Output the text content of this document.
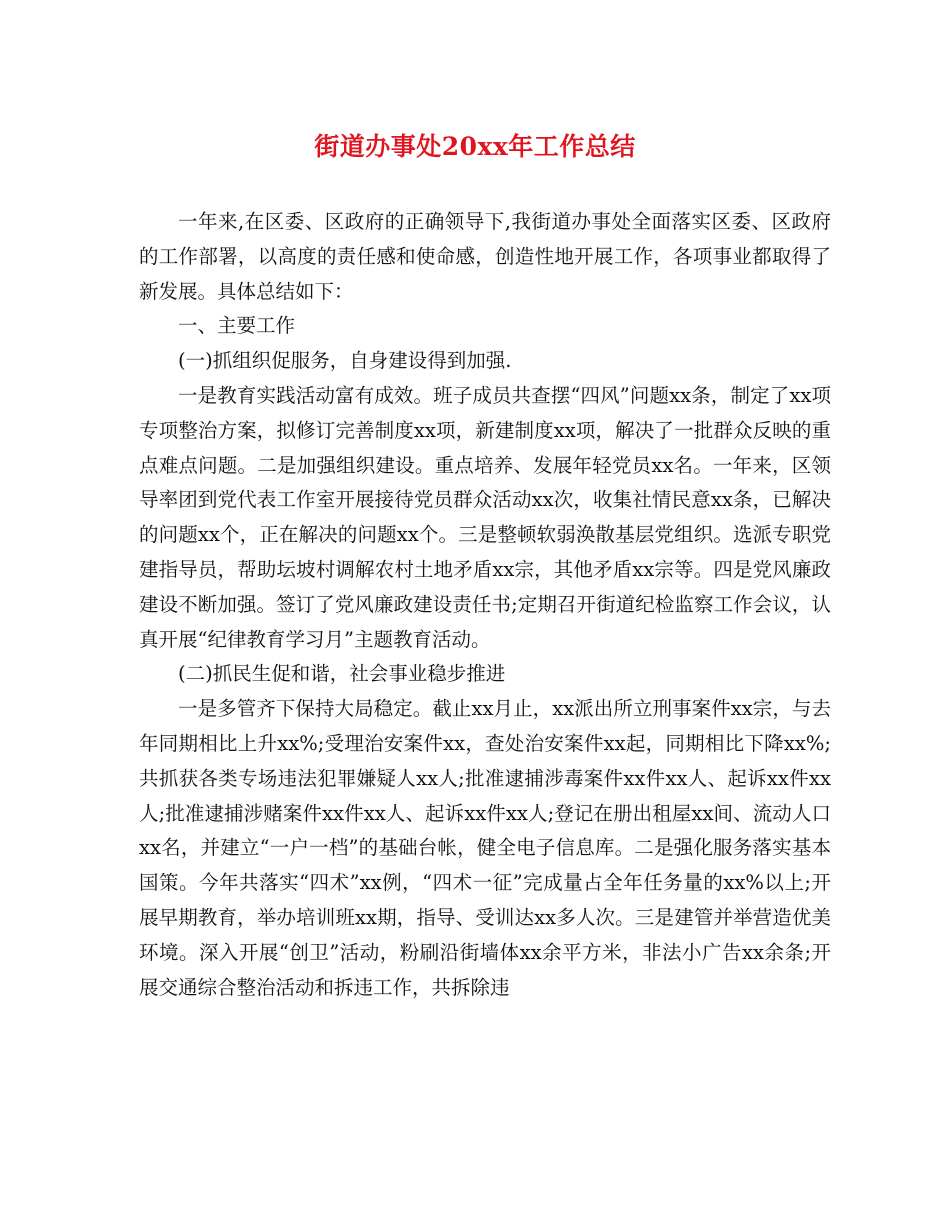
街道办事处20xx年工作总结

一年来,在区委、区政府的正确领导下,我街道办事处全面落实区委、区政府的工作部署，以高度的责任感和使命感，创造性地开展工作，各项事业都取得了新发展。具体总结如下：

一、主要工作

(一)抓组织促服务，自身建设得到加强.

一是教育实践活动富有成效。班子成员共查摆“四风”问题xx条，制定了xx项专项整治方案，拟修订完善制度xx项，新建制度xx项，解决了一批群众反映的重点难点问题。二是加强组织建设。重点培养、发展年轻党员xx名。一年来，区领导率团到党代表工作室开展接待党员群众活动xx次，收集社情民意xx条，已解决的问题xx个，正在解决的问题xx个。三是整顿软弱涣散基层党组织。选派专职党建指导员，帮助坛坡村调解农村土地矛盾xx宗，其他矛盾xx宗等。四是党风廉政建设不断加强。签订了党风廉政建设责任书;定期召开街道纪检监察工作会议，认真开展“纪律教育学习月”主题教育活动。

(二)抓民生促和谐，社会事业稳步推进

一是多管齐下保持大局稳定。截止xx月止，xx派出所立刑事案件xx宗，与去年同期相比上升xx%;受理治安案件xx，查处治安案件xx起，同期相比下降xx%;共抓获各类专场违法犯罪嫌疑人xx人;批准逮捕涉毒案件xx件xx人、起诉xx件xx人;批准逮捕涉赌案件xx件xx人、起诉xx件xx人;登记在册出租屋xx间、流动人口xx名，并建立“一户一档”的基础台帐，健全电子信息库。二是强化服务落实基本国策。今年共落实“四术”xx例，“四术一征”完成量占全年任务量的xx%以上;开展早期教育，举办培训班xx期，指导、受训达xx多人次。三是建管并举营造优美环境。深入开展“创卫”活动，粉刷沿街墙体xx余平方米，非法小广告xx余条;开展交通综合整治活动和拆违工作，共拆除违
